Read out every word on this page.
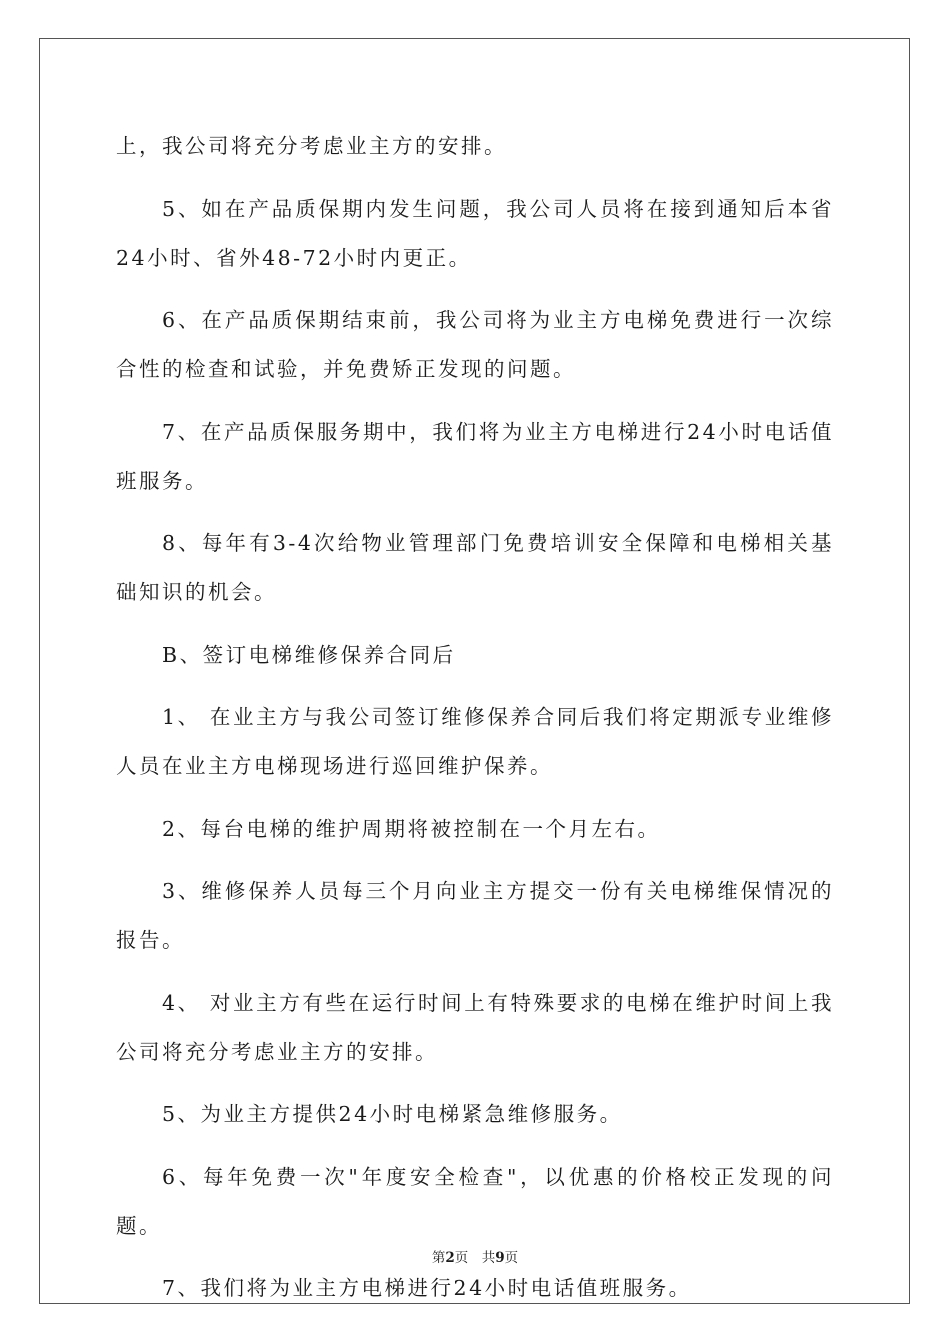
上，我公司将充分考虑业主方的安排。

5、如在产品质保期内发生问题，我公司人员将在接到通知后本省24小时、省外48-72小时内更正。

6、在产品质保期结束前，我公司将为业主方电梯免费进行一次综合性的检查和试验，并免费矫正发现的问题。

7、在产品质保服务期中，我们将为业主方电梯进行24小时电话值班服务。

8、每年有3-4次给物业管理部门免费培训安全保障和电梯相关基础知识的机会。

B、签订电梯维修保养合同后

1、 在业主方与我公司签订维修保养合同后我们将定期派专业维修人员在业主方电梯现场进行巡回维护保养。

2、每台电梯的维护周期将被控制在一个月左右。

3、维修保养人员每三个月向业主方提交一份有关电梯维保情况的报告。

4、 对业主方有些在运行时间上有特殊要求的电梯在维护时间上我公司将充分考虑业主方的安排。

5、为业主方提供24小时电梯紧急维修服务。

6、每年免费一次"年度安全检查"，以优惠的价格校正发现的问题。

7、我们将为业主方电梯进行24小时电话值班服务。

第2页　共9页
